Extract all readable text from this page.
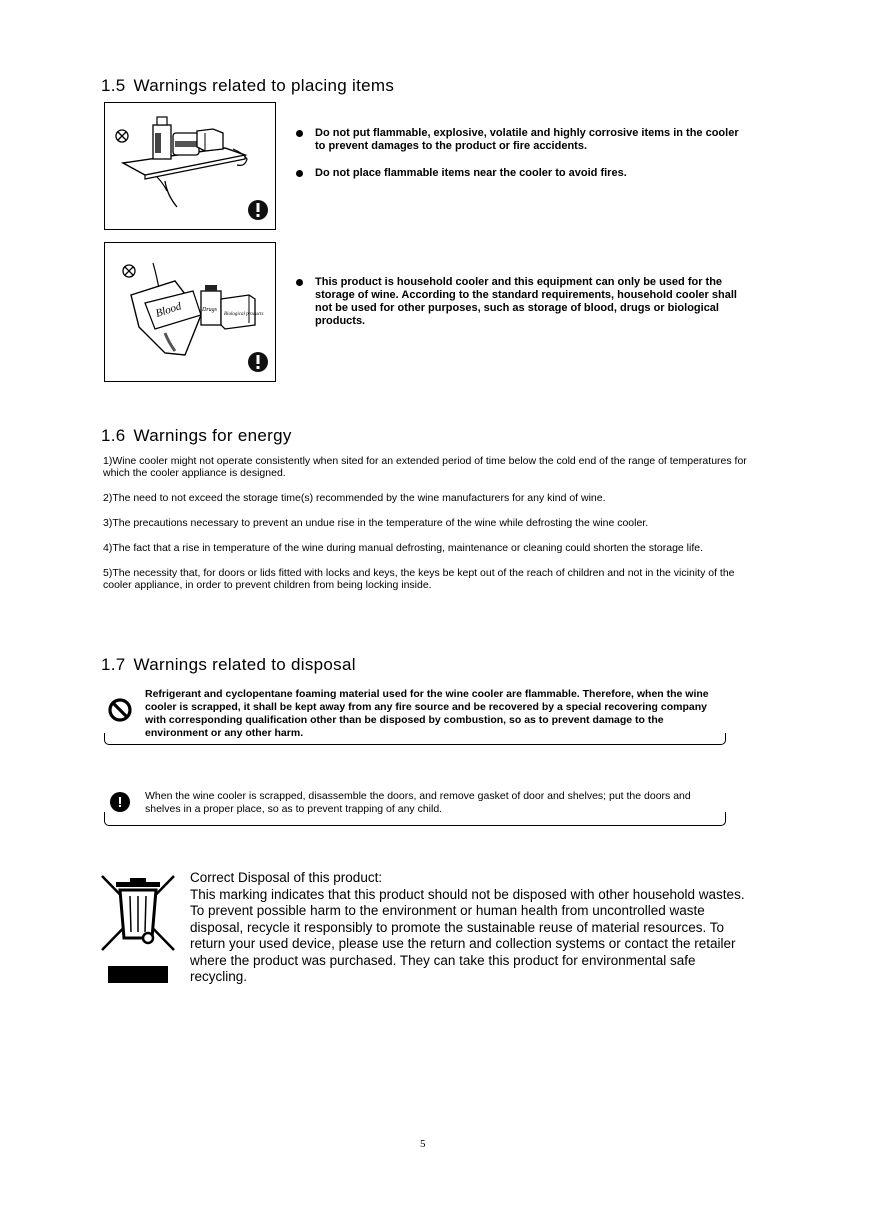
1.5 Warnings related to placing items
Do not put flammable, explosive, volatile and highly corrosive items in the cooler to prevent damages to the product or fire accidents.
Do not place flammable items near the cooler to avoid fires.
Blood	Drugs
Biological products
This product is household cooler and this equipment can only be used for the storage of wine. According to the standard requirements, household cooler shall not be used for other purposes, such as storage of blood, drugs or biological products.
1.6 Warnings for energy

1)Wine cooler might not operate consistently when sited for an extended period of time below the cold end of the range of temperatures for which the cooler appliance is designed.

2)The need to not exceed the storage time(s) recommended by the wine manufacturers for any kind of wine.

3)The precautions necessary to prevent an undue rise in the temperature of the wine while defrosting the wine cooler.

4)The fact that a rise in temperature of the wine during manual defrosting, maintenance or cleaning could shorten the storage life.

5)The necessity that, for doors or lids fitted with locks and keys, the keys be kept out of the reach of children and not in the vicinity of the cooler appliance, in order to prevent children from being locking inside.

1.7 Warnings related to disposal
Refrigerant and cyclopentane foaming material used for the wine cooler are flammable. Therefore, when the wine cooler is scrapped, it shall be kept away from any fire source and be recovered by a special recovering company with corresponding qualification other than be disposed by combustion, so as to prevent damage to the environment or any other harm.
!	When the wine cooler is scrapped, disassemble the doors, and remove gasket of door and shelves; put the doors and shelves in a proper place, so as to prevent trapping of any child.
Correct Disposal of this product:
This marking indicates that this product should not be disposed with other household wastes. To prevent possible harm to the environment or human health from uncontrolled waste disposal, recycle it responsibly to promote the sustainable reuse of material resources. To return your used device, please use the return and collection systems or contact the retailer where the product was purchased. They can take this product for environmental safe recycling.
5
